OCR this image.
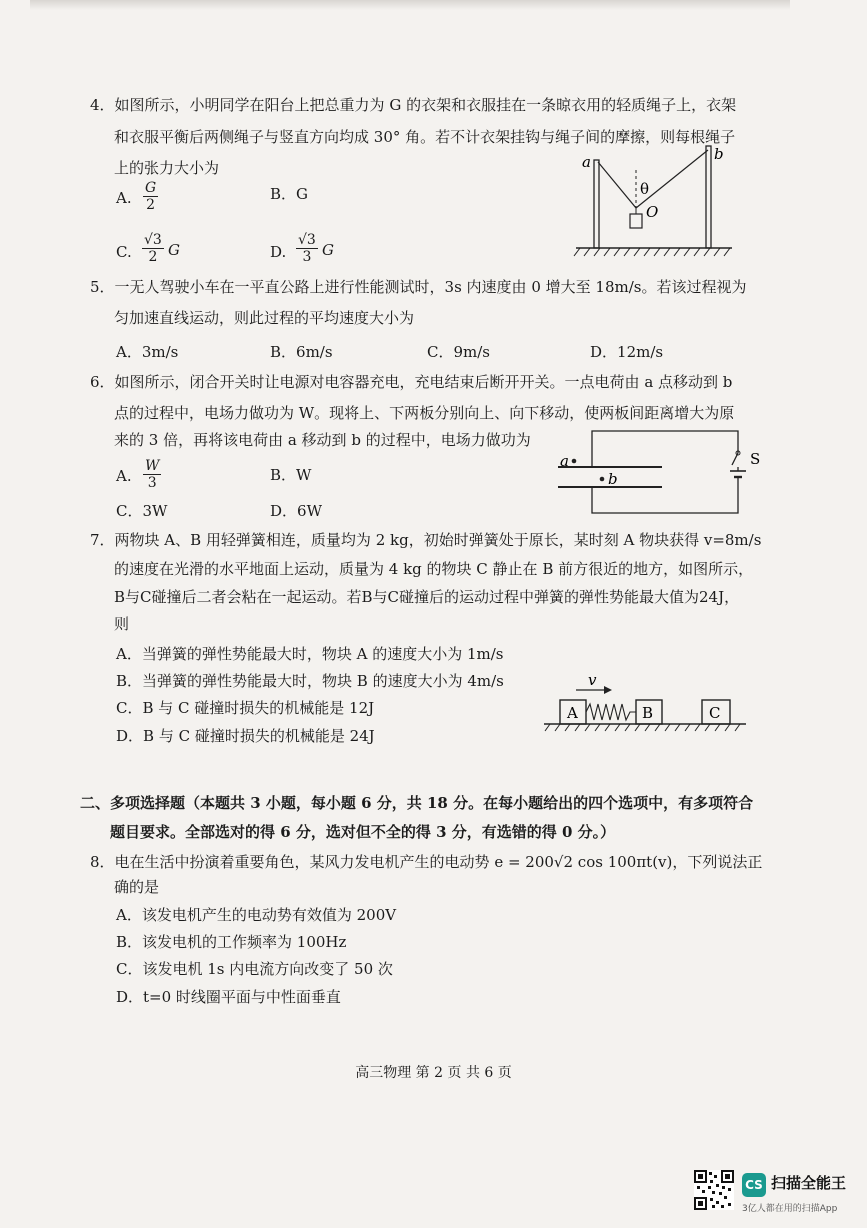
4．如图所示，小明同学在阳台上把总重力为 G 的衣架和衣服挂在一条晾衣用的轻质绳子上，衣架
和衣服平衡后两侧绳子与竖直方向均成 30° 角。若不计衣架挂钩与绳子间的摩擦，则每根绳子
上的张力大小为
A. $\frac{G}{2}$	B．G
C. $\frac{√3}{2}$ G	D. $\frac{√3}{3}$ G
a	b
θ
O
5．一无人驾驶小车在一平直公路上进行性能测试时，3s 内速度由 0 增大至 18m/s。若该过程视为
匀加速直线运动，则此过程的平均速度大小为
A．3m/s	B．6m/s	C．9m/s	D．12m/s
6．如图所示，闭合开关时让电源对电容器充电，充电结束后断开开关。一点电荷由 a 点移动到 b
点的过程中，电场力做功为 W。现将上、下两板分别向上、向下移动，使两板间距离增大为原
来的 3 倍，再将该电荷由 a 移动到 b 的过程中，电场力做功为
A. $\frac{W}{3}$	B．W
C．3W	D．6W
a
b
S
7．两物块 A、B 用轻弹簧相连，质量均为 2 kg，初始时弹簧处于原长，某时刻 A 物块获得 v=8m/s
的速度在光滑的水平地面上运动，质量为 4 kg 的物块 C 静止在 B 前方很近的地方，如图所示，
B与C碰撞后二者会粘在一起运动。若B与C碰撞后的运动过程中弹簧的弹性势能最大值为24J，
则
A．当弹簧的弹性势能最大时，物块 A 的速度大小为 1m/s
B．当弹簧的弹性势能最大时，物块 B 的速度大小为 4m/s
C．B 与 C 碰撞时损失的机械能是 12J
D．B 与 C 碰撞时损失的机械能是 24J
v
A	B	C
二、多项选择题（本题共 3 小题，每小题 6 分，共 18 分。在每小题给出的四个选项中，有多项符合
题目要求。全部选对的得 6 分，选对但不全的得 3 分，有选错的得 0 分。）
8．电在生活中扮演着重要角色，某风力发电机产生的电动势 e = 200√2 cos 100πt(v)，下列说法正
确的是
A．该发电机产生的电动势有效值为 200V
B．该发电机的工作频率为 100Hz
C．该发电机 1s 内电流方向改变了 50 次
D．t=0 时线圈平面与中性面垂直
高三物理 第 2 页 共 6 页
CS 扫描全能王
3亿人都在用的扫描App
